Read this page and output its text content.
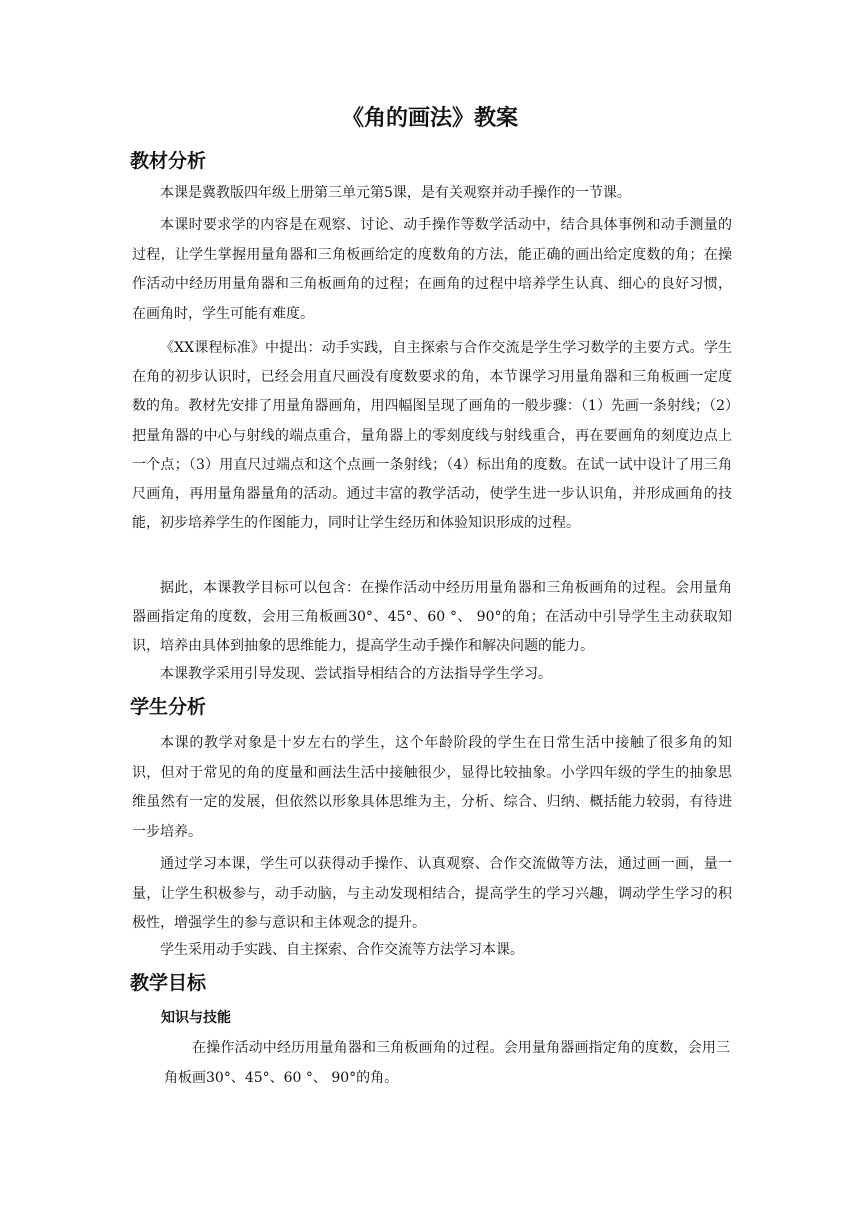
《角的画法》教案
教材分析

本课是冀教版四年级上册第三单元第5课，是有关观察并动手操作的一节课。

本课时要求学的内容是在观察、讨论、动手操作等数学活动中，结合具体事例和动手测量的过程，让学生掌握用量角器和三角板画给定的度数角的方法，能正确的画出给定度数的角；在操作活动中经历用量角器和三角板画角的过程；在画角的过程中培养学生认真、细心的良好习惯，在画角时，学生可能有难度。

《XX课程标准》中提出：动手实践，自主探索与合作交流是学生学习数学的主要方式。学生在角的初步认识时，已经会用直尺画没有度数要求的角，本节课学习用量角器和三角板画一定度数的角。教材先安排了用量角器画角，用四幅图呈现了画角的一般步骤：（1）先画一条射线；（2）把量角器的中心与射线的端点重合，量角器上的零刻度线与射线重合，再在要画角的刻度边点上一个点；（3）用直尺过端点和这个点画一条射线；（4）标出角的度数。在试一试中设计了用三角尺画角，再用量角器量角的活动。通过丰富的教学活动，使学生进一步认识角，并形成画角的技能，初步培养学生的作图能力，同时让学生经历和体验知识形成的过程。

据此，本课教学目标可以包含：在操作活动中经历用量角器和三角板画角的过程。会用量角器画指定角的度数，会用三角板画30°、45°、60 °、 90°的角；在活动中引导学生主动获取知识，培养由具体到抽象的思维能力，提高学生动手操作和解决问题的能力。

本课教学采用引导发现、尝试指导相结合的方法指导学生学习。

学生分析

本课的教学对象是十岁左右的学生，这个年龄阶段的学生在日常生活中接触了很多角的知识，但对于常见的角的度量和画法生活中接触很少，显得比较抽象。小学四年级的学生的抽象思维虽然有一定的发展，但依然以形象具体思维为主，分析、综合、归纳、概括能力较弱，有待进一步培养。

通过学习本课，学生可以获得动手操作、认真观察、合作交流做等方法，通过画一画，量一量，让学生积极参与，动手动脑，与主动发现相结合，提高学生的学习兴趣，调动学生学习的积极性，增强学生的参与意识和主体观念的提升。

学生采用动手实践、自主探索、合作交流等方法学习本课。

教学目标
知识与技能

在操作活动中经历用量角器和三角板画角的过程。会用量角器画指定角的度数，会用三角板画30°、45°、60 °、 90°的角。
